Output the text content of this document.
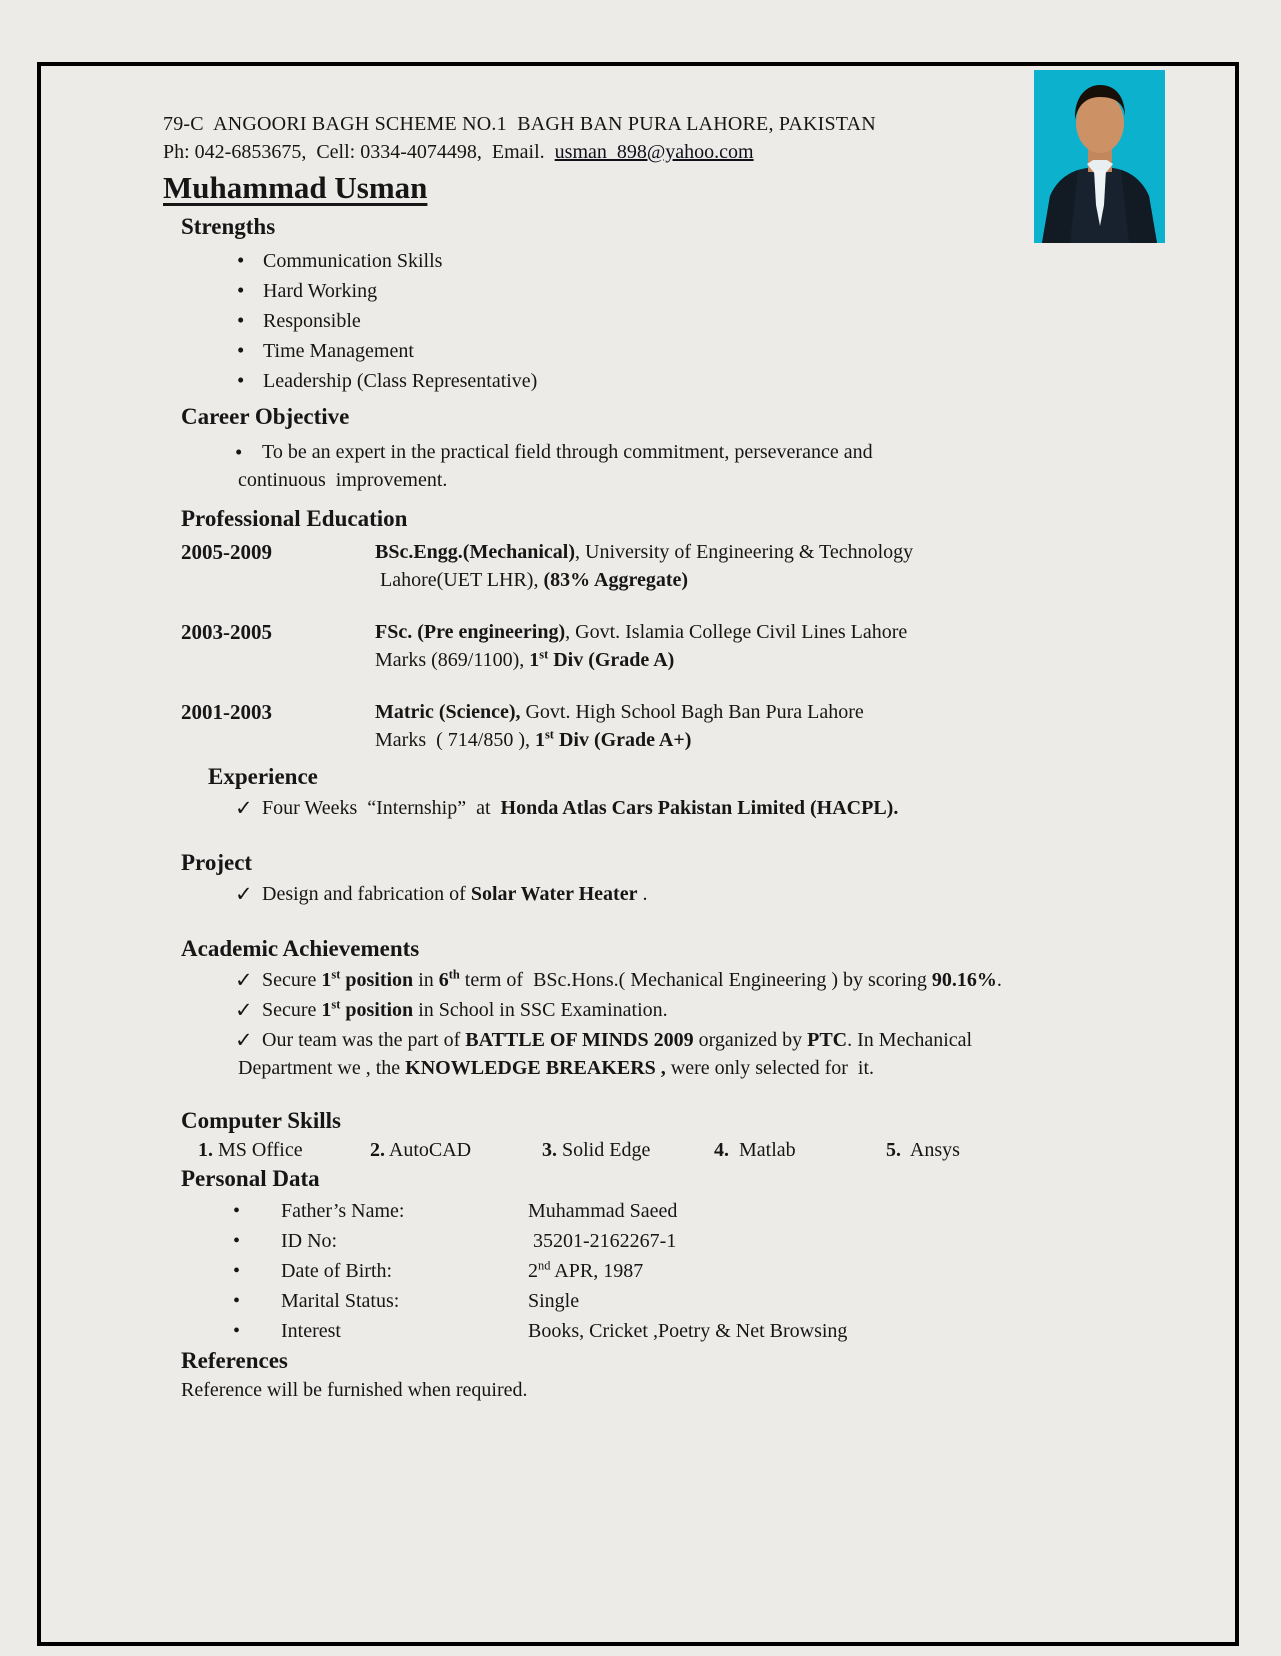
79-C  ANGOORI BAGH SCHEME NO.1  BAGH BAN PURA LAHORE, PAKISTAN
Ph: 042-6853675,  Cell: 0334-4074498,  Email.  usman_898@yahoo.com
Muhammad Usman
Strengths
• Communication Skills
• Hard Working
• Responsible
• Time Management
• Leadership (Class Representative)
Career Objective
• To be an expert in the practical field through commitment, perseverance and
continuous  improvement.
Professional Education
2005-2009	BSc.Engg.(Mechanical), University of Engineering & Technology
Lahore(UET LHR), (83% Aggregate)
2003-2005	FSc. (Pre engineering), Govt. Islamia College Civil Lines Lahore
Marks (869/1100), 1st Div (Grade A)
2001-2003	Matric (Science), Govt. High School Bagh Ban Pura Lahore
Marks  ( 714/850 ), 1st Div (Grade A+)
Experience
✓ Four Weeks  “Internship”  at  Honda Atlas Cars Pakistan Limited (HACPL).
Project
✓ Design and fabrication of Solar Water Heater .
Academic Achievements
✓ Secure 1st position in 6th term of  BSc.Hons.( Mechanical Engineering ) by scoring 90.16%.
✓ Secure 1st position in School in SSC Examination.
✓ Our team was the part of BATTLE OF MINDS 2009 organized by PTC. In Mechanical
Department we , the KNOWLEDGE BREAKERS , were only selected for  it.
Computer Skills
1. MS Office	2. AutoCAD	3. Solid Edge	4.  Matlab	5.  Ansys
Personal Data
•	Father’s Name:	Muhammad Saeed
•	ID No:	35201-2162267-1
•	Date of Birth:	2nd APR, 1987
•	Marital Status:	Single
•	Interest	Books, Cricket ,Poetry & Net Browsing
References
Reference will be furnished when required.
